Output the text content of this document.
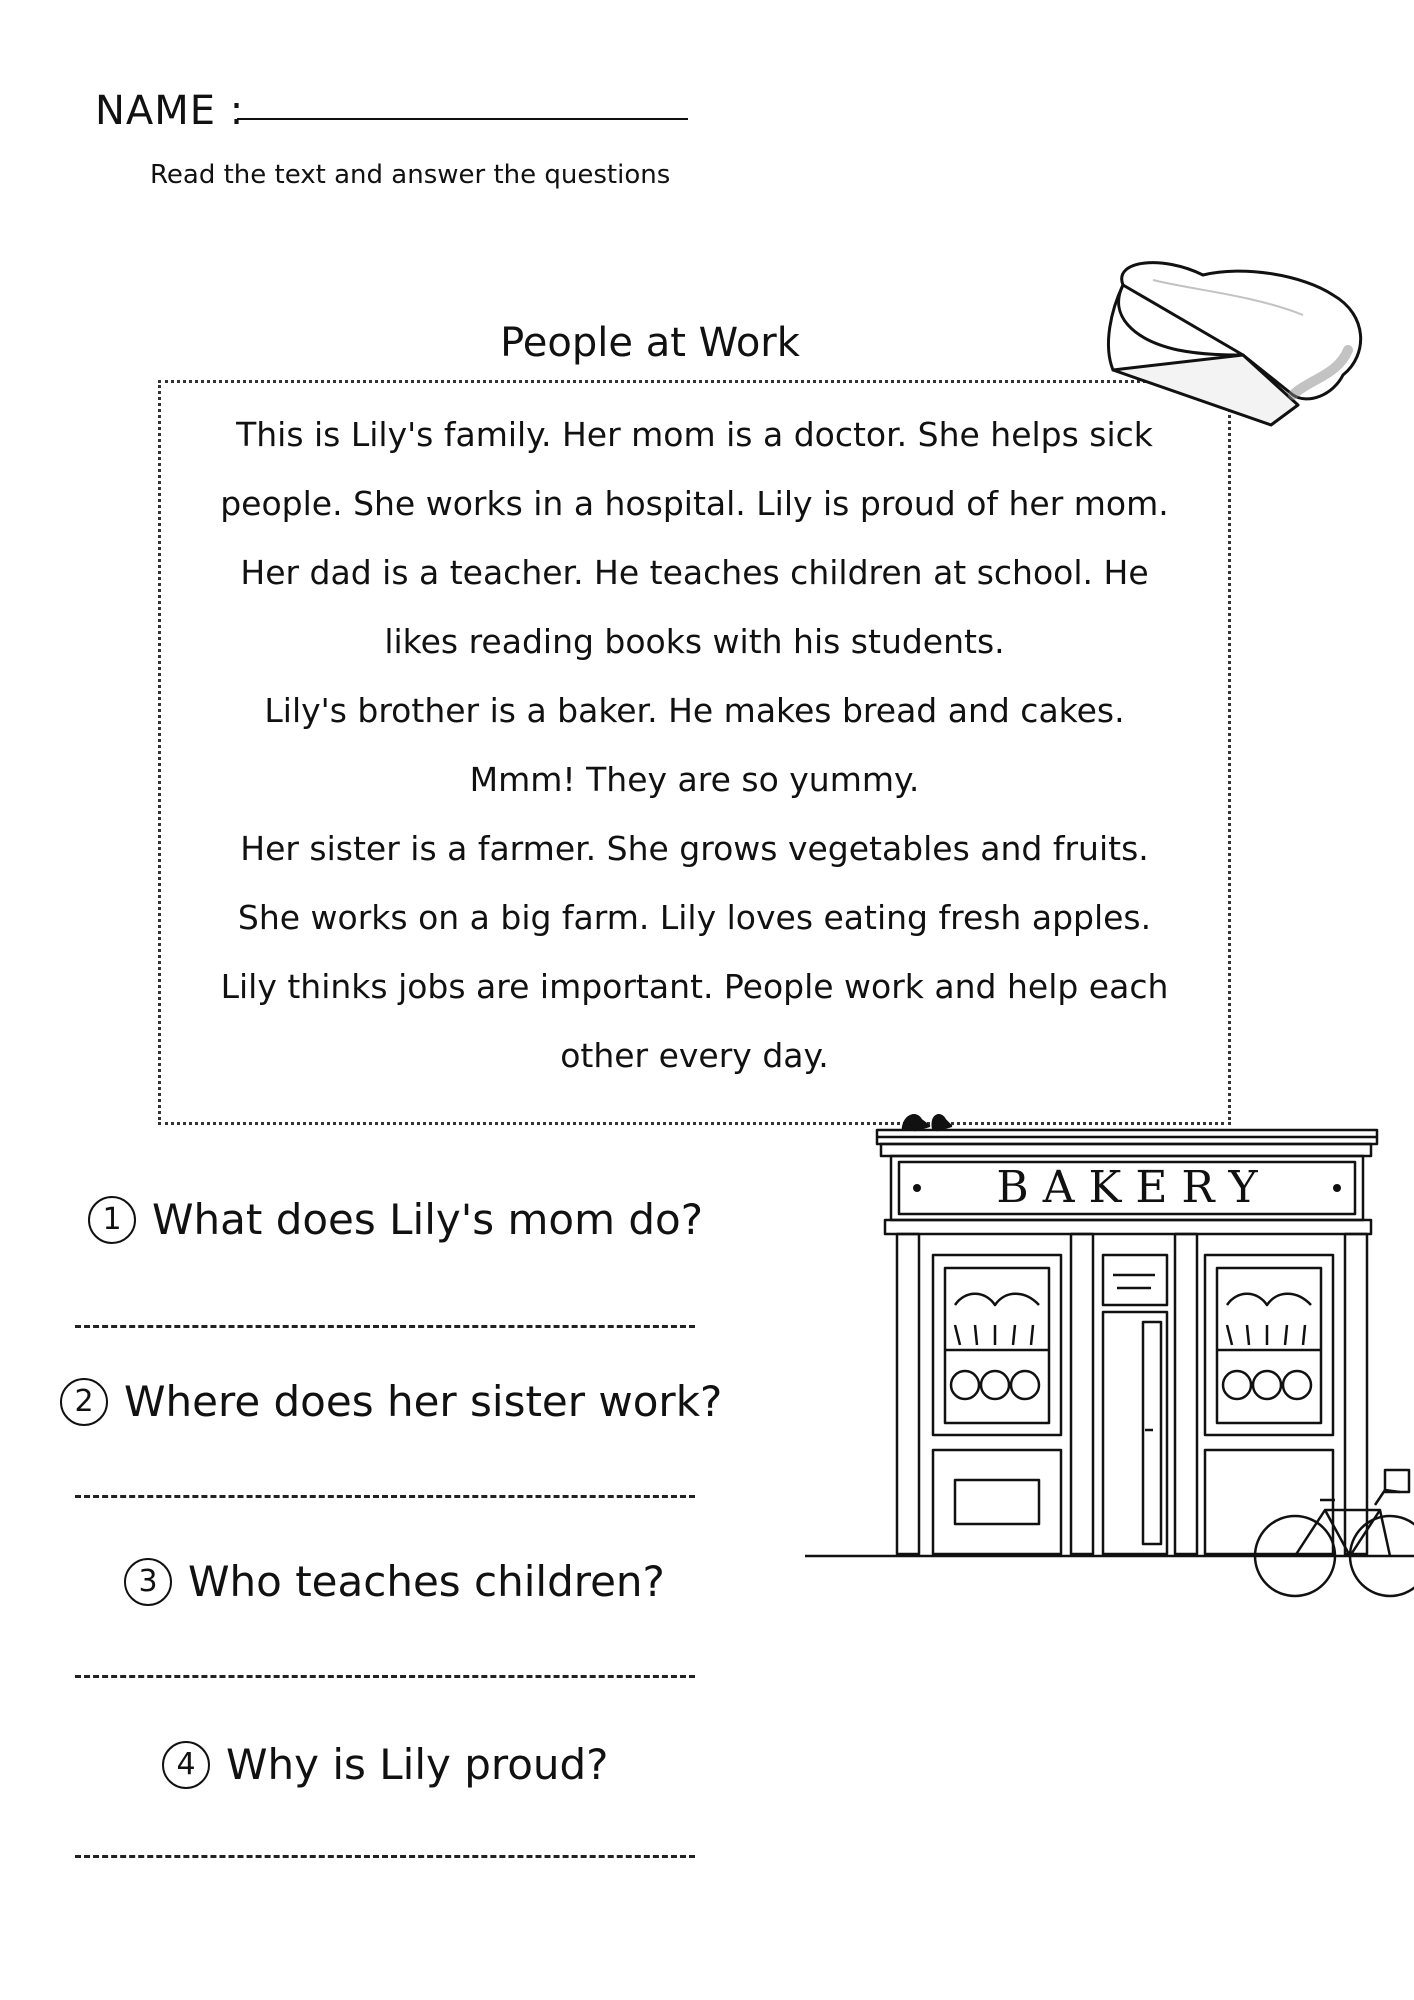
NAME :
Read the text and answer the questions
People at Work
This is Lily's family. Her mom is a doctor. She helps sick
people. She works in a hospital. Lily is proud of her mom.
Her dad is a teacher. He teaches children at school. He
likes reading books with his students.
Lily's brother is a baker. He makes bread and cakes.
Mmm! They are so yummy.
Her sister is a farmer. She grows vegetables and fruits.
She works on a big farm. Lily loves eating fresh apples.
Lily thinks jobs are important. People work and help each
other every day.
B A K E R Y
1 What does Lily's mom do?
2 Where does her sister work?
3 Who teaches children?
4 Why is Lily proud?
